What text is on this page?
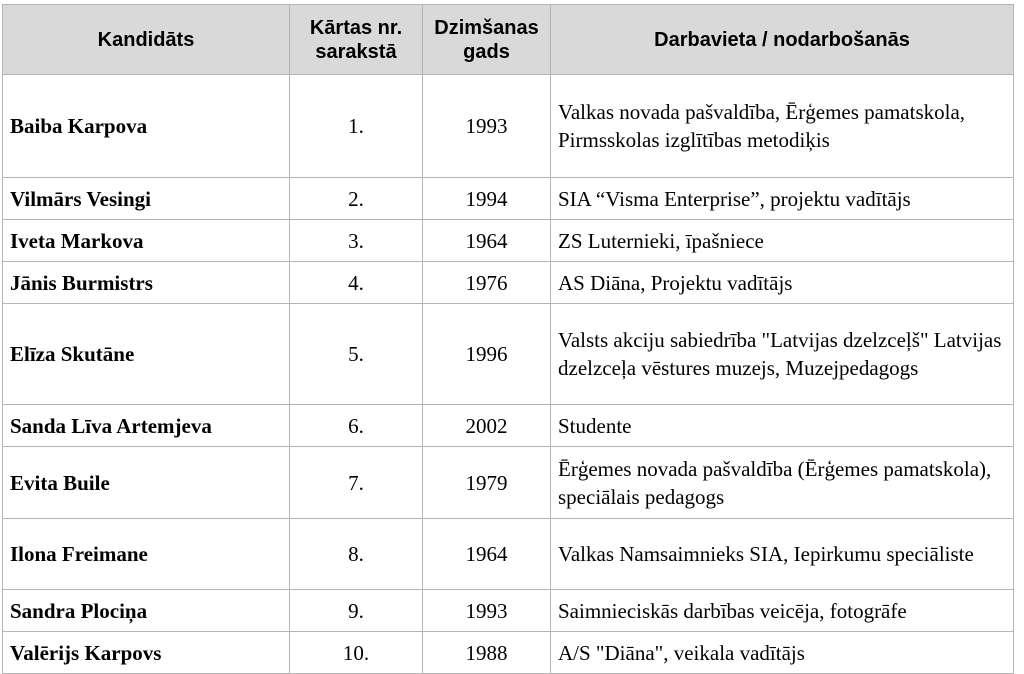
Kandidāts	Kārtas nr. sarakstā	Dzimšanas gads	Darbavieta / nodarbošanās
Baiba Karpova	1.	1993	Valkas novada pašvaldība, Ērģemes pamatskola, Pirmsskolas izglītības metodiķis
Vilmārs Vesingi	2.	1994	SIA “Visma Enterprise”, projektu vadītājs
Iveta Markova	3.	1964	ZS Luternieki, īpašniece
Jānis Burmistrs	4.	1976	AS Diāna, Projektu vadītājs
Elīza Skutāne	5.	1996	Valsts akciju sabiedrība "Latvijas dzelzceļš" Latvijas dzelzceļa vēstures muzejs, Muzejpedagogs
Sanda Līva Artemjeva	6.	2002	Studente
Evita Buile	7.	1979	Ērģemes novada pašvaldība (Ērģemes pamatskola), speciālais pedagogs
Ilona Freimane	8.	1964	Valkas Namsaimnieks SIA, Iepirkumu speciāliste
Sandra Plociņa	9.	1993	Saimnieciskās darbības veicēja, fotogrāfe
Valērijs Karpovs	10.	1988	A/S "Diāna", veikala vadītājs
